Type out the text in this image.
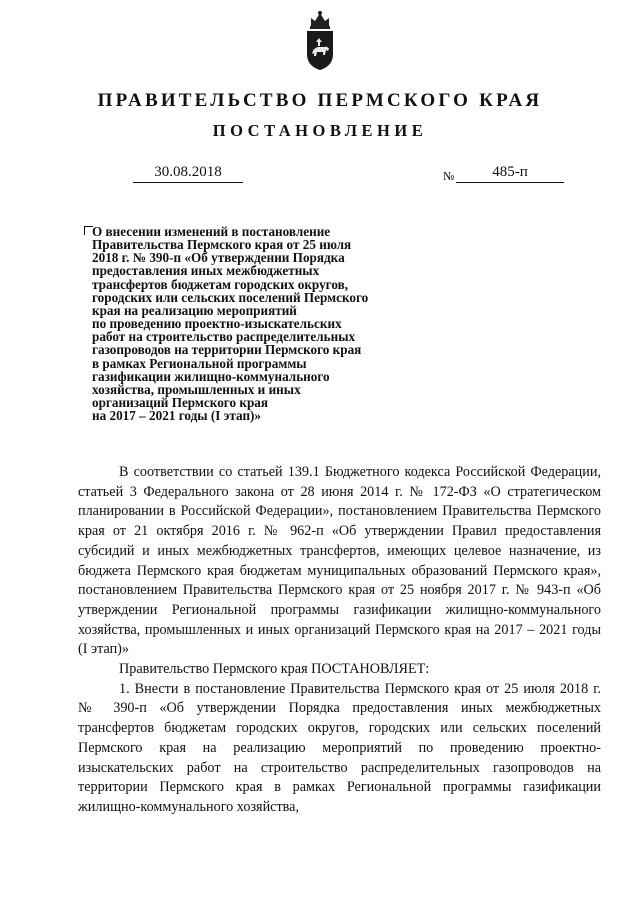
ПРАВИТЕЛЬСТВО ПЕРМСКОГО КРАЯ
ПОСТАНОВЛЕНИЕ
30.08.2018	№	485-п
О внесении изменений в постановление
Правительства Пермского края от 25 июля
2018 г. № 390-п «Об утверждении Порядка
предоставления иных межбюджетных
трансфертов бюджетам городских округов,
городских или сельских поселений Пермского
края на реализацию мероприятий
по проведению проектно-изыскательских
работ на строительство распределительных
газопроводов на территории Пермского края
в рамках Региональной программы
газификации жилищно-коммунального
хозяйства, промышленных и иных
организаций Пермского края
на 2017 – 2021 годы (I этап)»

В соответствии со статьей 139.1 Бюджетного кодекса Российской Федерации, статьей 3 Федерального закона от 28 июня 2014 г. № 172-ФЗ «О стратегическом планировании в Российской Федерации», постановлением Правительства Пермского края от 21 октября 2016 г. № 962-п «Об утверждении Правил предоставления субсидий и иных межбюджетных трансфертов, имеющих целевое назначение, из бюджета Пермского края бюджетам муниципальных образований Пермского края», постановлением Правительства Пермского края от 25 ноября 2017 г. № 943-п «Об утверждении Региональной программы газификации жилищно-коммунального хозяйства, промышленных и иных организаций Пермского края на 2017 – 2021 годы (I этап)»

Правительство Пермского края ПОСТАНОВЛЯЕТ:

1. Внести в постановление Правительства Пермского края от 25 июля 2018 г. № 390-п «Об утверждении Порядка предоставления иных межбюджетных трансфертов бюджетам городских округов, городских или сельских поселений Пермского края на реализацию мероприятий по проведению проектно-изыскательских работ на строительство распределительных газопроводов на территории Пермского края в рамках Региональной программы газификации жилищно-коммунального хозяйства,
